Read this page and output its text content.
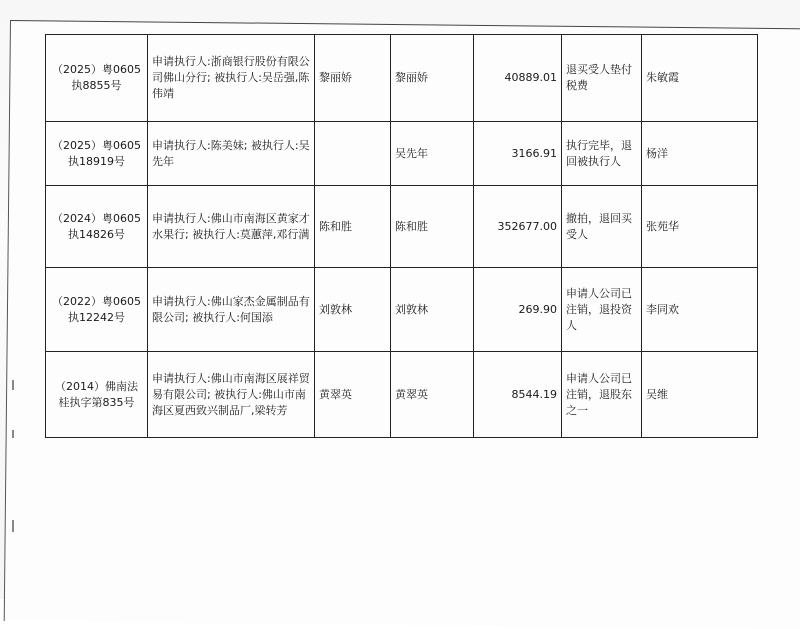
（2025）粤0605执8855号	申请执行人:浙商银行股份有限公司佛山分行; 被执行人:吴岳强,陈伟靖	黎丽娇	黎丽娇	40889.01	退买受人垫付税费	朱敏霞
（2025）粤0605执18919号	申请执行人:陈美妹; 被执行人:吴先年		吴先年	3166.91	执行完毕，退回被执行人	杨洋
（2024）粤0605执14826号	申请执行人:佛山市南海区黄家才水果行; 被执行人:莫蕙萍,邓行满	陈和胜	陈和胜	352677.00	撤拍，退回买受人	张苑华
（2022）粤0605执12242号	申请执行人:佛山家杰金属制品有限公司; 被执行人:何国添	刘敦林	刘敦林	269.90	申请人公司已注销，退投资人	李同欢
（2014）佛南法桂执字第835号	申请执行人:佛山市南海区展祥贸易有限公司; 被执行人:佛山市南海区夏西致兴制品厂,梁转芳	黄翠英	黄翠英	8544.19	申请人公司已注销，退股东之一	吴维
